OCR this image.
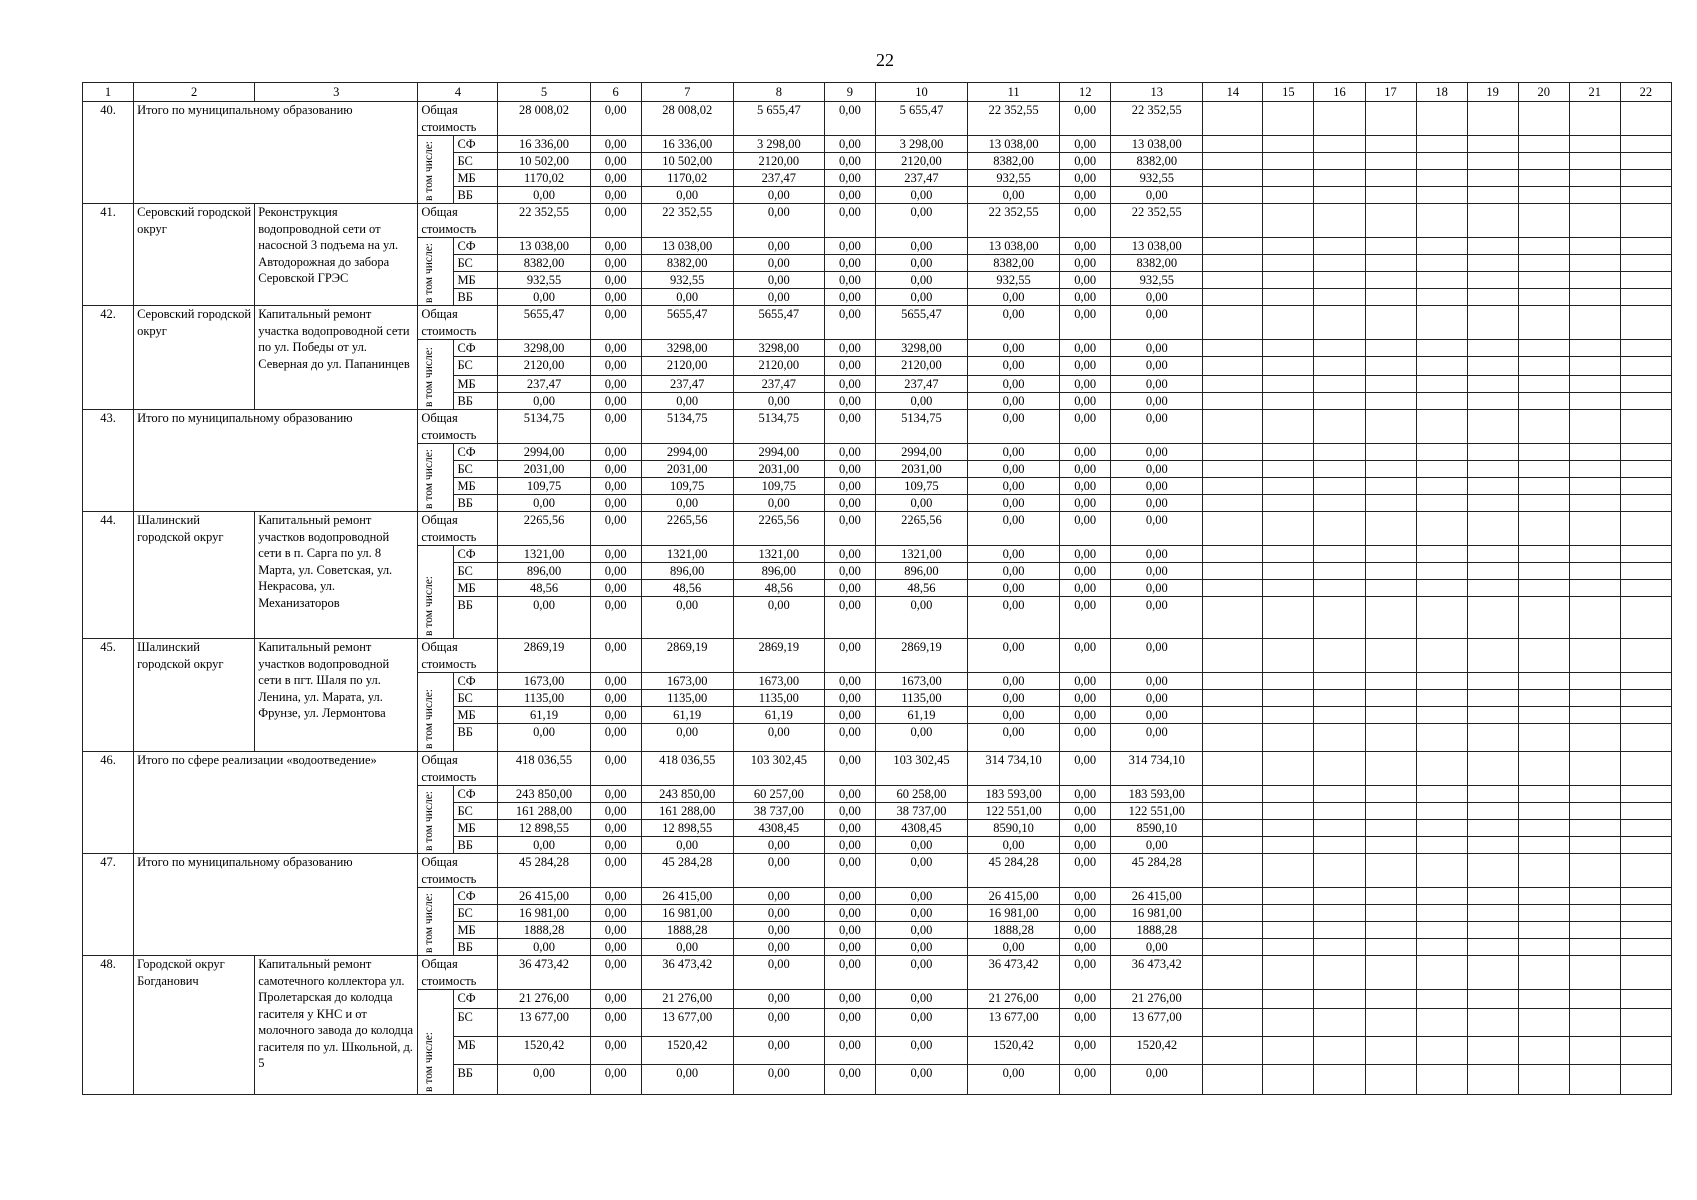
22
1	2	3	4		5	6	7	8	9	10	11	12	13	14	15	16	17	18	19	20	21	22
40.	Итого по муниципальному образованию		Общая стоимость		28 008,02	0,00	28 008,02	5 655,47	0,00	5 655,47	22 352,55	0,00	22 352,55									

			в том числе:	СФ	16 336,00	0,00	16 336,00	3 298,00	0,00	3 298,00	13 038,00	0,00	13 038,00									
				БС	10 502,00	0,00	10 502,00	2120,00	0,00	2120,00	8382,00	0,00	8382,00									
				МБ	1170,02	0,00	1170,02	237,47	0,00	237,47	932,55	0,00	932,55									
				ВБ	0,00	0,00	0,00	0,00	0,00	0,00	0,00	0,00	0,00									
41.	Серовский городской округ	Реконструкция водопроводной сети от насосной 3 подъема на ул. Автодорожная до забора Серовской ГРЭС	Общая стоимость		22 352,55	0,00	22 352,55	0,00	0,00	0,00	22 352,55	0,00	22 352,55									

			в том числе:	СФ	13 038,00	0,00	13 038,00	0,00	0,00	0,00	13 038,00	0,00	13 038,00									
				БС	8382,00	0,00	8382,00	0,00	0,00	0,00	8382,00	0,00	8382,00									
				МБ	932,55	0,00	932,55	0,00	0,00	0,00	932,55	0,00	932,55									
				ВБ	0,00	0,00	0,00	0,00	0,00	0,00	0,00	0,00	0,00									
42.	Серовский городской округ	Капитальный ремонт участка водопроводной сети по ул. Победы от ул. Северная до ул. Папанинцев	Общая стоимость		5655,47	0,00	5655,47	5655,47	0,00	5655,47	0,00	0,00	0,00									

			в том числе:	СФ	3298,00	0,00	3298,00	3298,00	0,00	3298,00	0,00	0,00	0,00									
				БС	2120,00	0,00	2120,00	2120,00	0,00	2120,00	0,00	0,00	0,00									
				МБ	237,47	0,00	237,47	237,47	0,00	237,47	0,00	0,00	0,00									
				ВБ	0,00	0,00	0,00	0,00	0,00	0,00	0,00	0,00	0,00									
43.	Итого по муниципальному образованию		Общая стоимость		5134,75	0,00	5134,75	5134,75	0,00	5134,75	0,00	0,00	0,00									

			в том числе:	СФ	2994,00	0,00	2994,00	2994,00	0,00	2994,00	0,00	0,00	0,00									
				БС	2031,00	0,00	2031,00	2031,00	0,00	2031,00	0,00	0,00	0,00									
				МБ	109,75	0,00	109,75	109,75	0,00	109,75	0,00	0,00	0,00									
				ВБ	0,00	0,00	0,00	0,00	0,00	0,00	0,00	0,00	0,00									
44.	Шалинский городской округ	Капитальный ремонт участков водопроводной сети в п. Сарга по ул. 8 Марта, ул. Советская, ул. Некрасова, ул. Механизаторов	Общая стоимость		2265,56	0,00	2265,56	2265,56	0,00	2265,56	0,00	0,00	0,00									

			в том числе:	СФ	1321,00	0,00	1321,00	1321,00	0,00	1321,00	0,00	0,00	0,00									
				БС	896,00	0,00	896,00	896,00	0,00	896,00	0,00	0,00	0,00									
				МБ	48,56	0,00	48,56	48,56	0,00	48,56	0,00	0,00	0,00									
				ВБ	0,00	0,00	0,00	0,00	0,00	0,00	0,00	0,00	0,00									
45.	Шалинский городской округ	Капитальный ремонт участков водопроводной сети в пгт. Шаля по ул. Ленина, ул. Марата, ул. Фрунзе, ул. Лермонтова	Общая стоимость		2869,19	0,00	2869,19	2869,19	0,00	2869,19	0,00	0,00	0,00									

			в том числе:	СФ	1673,00	0,00	1673,00	1673,00	0,00	1673,00	0,00	0,00	0,00									
				БС	1135,00	0,00	1135,00	1135,00	0,00	1135,00	0,00	0,00	0,00									
				МБ	61,19	0,00	61,19	61,19	0,00	61,19	0,00	0,00	0,00									
				ВБ	0,00	0,00	0,00	0,00	0,00	0,00	0,00	0,00	0,00									
46.	Итого по сфере реализации «водоотведение»		Общая стоимость		418 036,55	0,00	418 036,55	103 302,45	0,00	103 302,45	314 734,10	0,00	314 734,10									

			в том числе:	СФ	243 850,00	0,00	243 850,00	60 257,00	0,00	60 258,00	183 593,00	0,00	183 593,00									
				БС	161 288,00	0,00	161 288,00	38 737,00	0,00	38 737,00	122 551,00	0,00	122 551,00									
				МБ	12 898,55	0,00	12 898,55	4308,45	0,00	4308,45	8590,10	0,00	8590,10									
				ВБ	0,00	0,00	0,00	0,00	0,00	0,00	0,00	0,00	0,00									
47.	Итого по муниципальному образованию		Общая стоимость		45 284,28	0,00	45 284,28	0,00	0,00	0,00	45 284,28	0,00	45 284,28									

			в том числе:	СФ	26 415,00	0,00	26 415,00	0,00	0,00	0,00	26 415,00	0,00	26 415,00									
				БС	16 981,00	0,00	16 981,00	0,00	0,00	0,00	16 981,00	0,00	16 981,00									
				МБ	1888,28	0,00	1888,28	0,00	0,00	0,00	1888,28	0,00	1888,28									
				ВБ	0,00	0,00	0,00	0,00	0,00	0,00	0,00	0,00	0,00									
48.	Городской округ Богданович	Капитальный ремонт самотечного коллектора ул. Пролетарская до колодца гасителя у КНС и от молочного завода до колодца гасителя по ул. Школьной, д. 5	Общая стоимость		36 473,42	0,00	36 473,42	0,00	0,00	0,00	36 473,42	0,00	36 473,42									

			в том числе:	СФ	21 276,00	0,00	21 276,00	0,00	0,00	0,00	21 276,00	0,00	21 276,00									
				БС	13 677,00	0,00	13 677,00	0,00	0,00	0,00	13 677,00	0,00	13 677,00									
				МБ	1520,42	0,00	1520,42	0,00	0,00	0,00	1520,42	0,00	1520,42									
				ВБ	0,00	0,00	0,00	0,00	0,00	0,00	0,00	0,00	0,00									
